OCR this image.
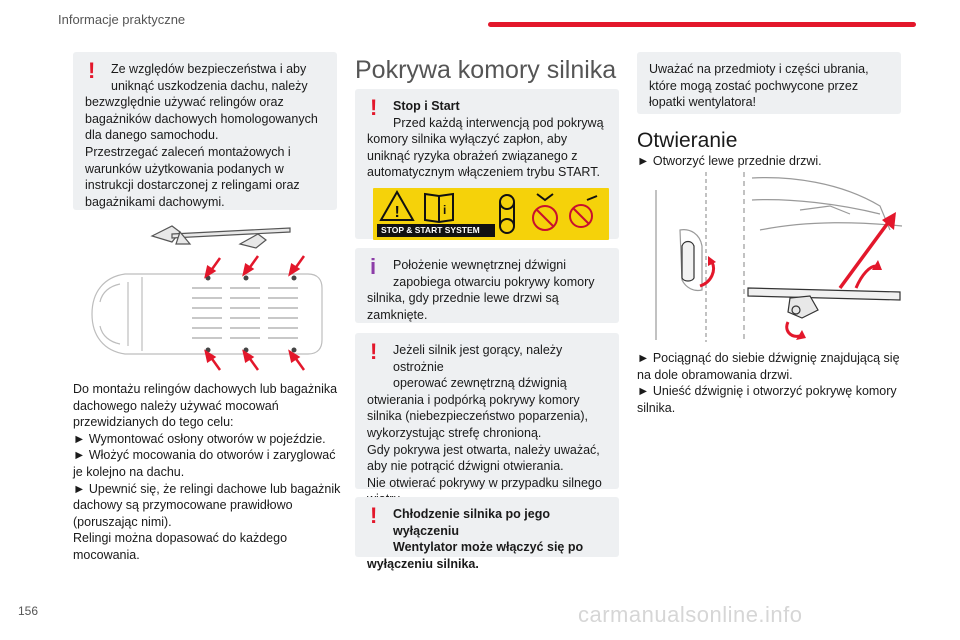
Informacje praktyczne
!	Ze względów bezpieczeństwa i aby uniknąć uszkodzenia dachu, należy

bezwzględnie używać relingów oraz bagażników dachowych homologowanych dla danego samochodu.

Przestrzegać zaleceń montażowych i warunków użytkowania podanych w instrukcji dostarczonej z relingami oraz bagażnikami dachowymi.

Do montażu relingów dachowych lub bagażnika dachowego należy używać mocowań przewidzianych do tego celu:

► Wymontować osłony otworów w pojeździe.

► Włożyć mocowania do otworów i zaryglować je kolejno na dachu.

► Upewnić się, że relingi dachowe lub bagażnik dachowy są przymocowane prawidłowo (poruszając nimi).

Relingi można dopasować do każdego mocowania.

Pokrywa komory silnika
!	Stop i Start

Przed każdą interwencją pod pokrywą

komory silnika wyłączyć zapłon, aby uniknąć ryzyka obrażeń związanego z automatycznym włączeniem trybu START.

!	i
STOP & START SYSTEM
i	Położenie wewnętrznej dźwigni

zapobiega otwarciu pokrywy komory

silnika, gdy przednie lewe drzwi są zamknięte.

!	Jeżeli silnik jest gorący, należy ostrożnie

operować zewnętrzną dźwignią

otwierania i podpórką pokrywy komory silnika (niebezpieczeństwo poparzenia), wykorzystując strefę chronioną.

Gdy pokrywa jest otwarta, należy uważać, aby nie potrącić dźwigni otwierania.

Nie otwierać pokrywy w przypadku silnego

!	Chłodzenie silnika po jego wyłączeniu

Wentylator może włączyć się po

wyłączeniu silnika.

Uważać na przedmioty i części ubrania, które mogą zostać pochwycone przez łopatki wentylatora!

Otwieranie
► Otworzyć lewe przednie drzwi.

► Pociągnąć do siebie dźwignię znajdującą się na dole obramowania drzwi.

► Unieść dźwignię i otworzyć pokrywę komory silnika.

156	carmanualsonline.info
